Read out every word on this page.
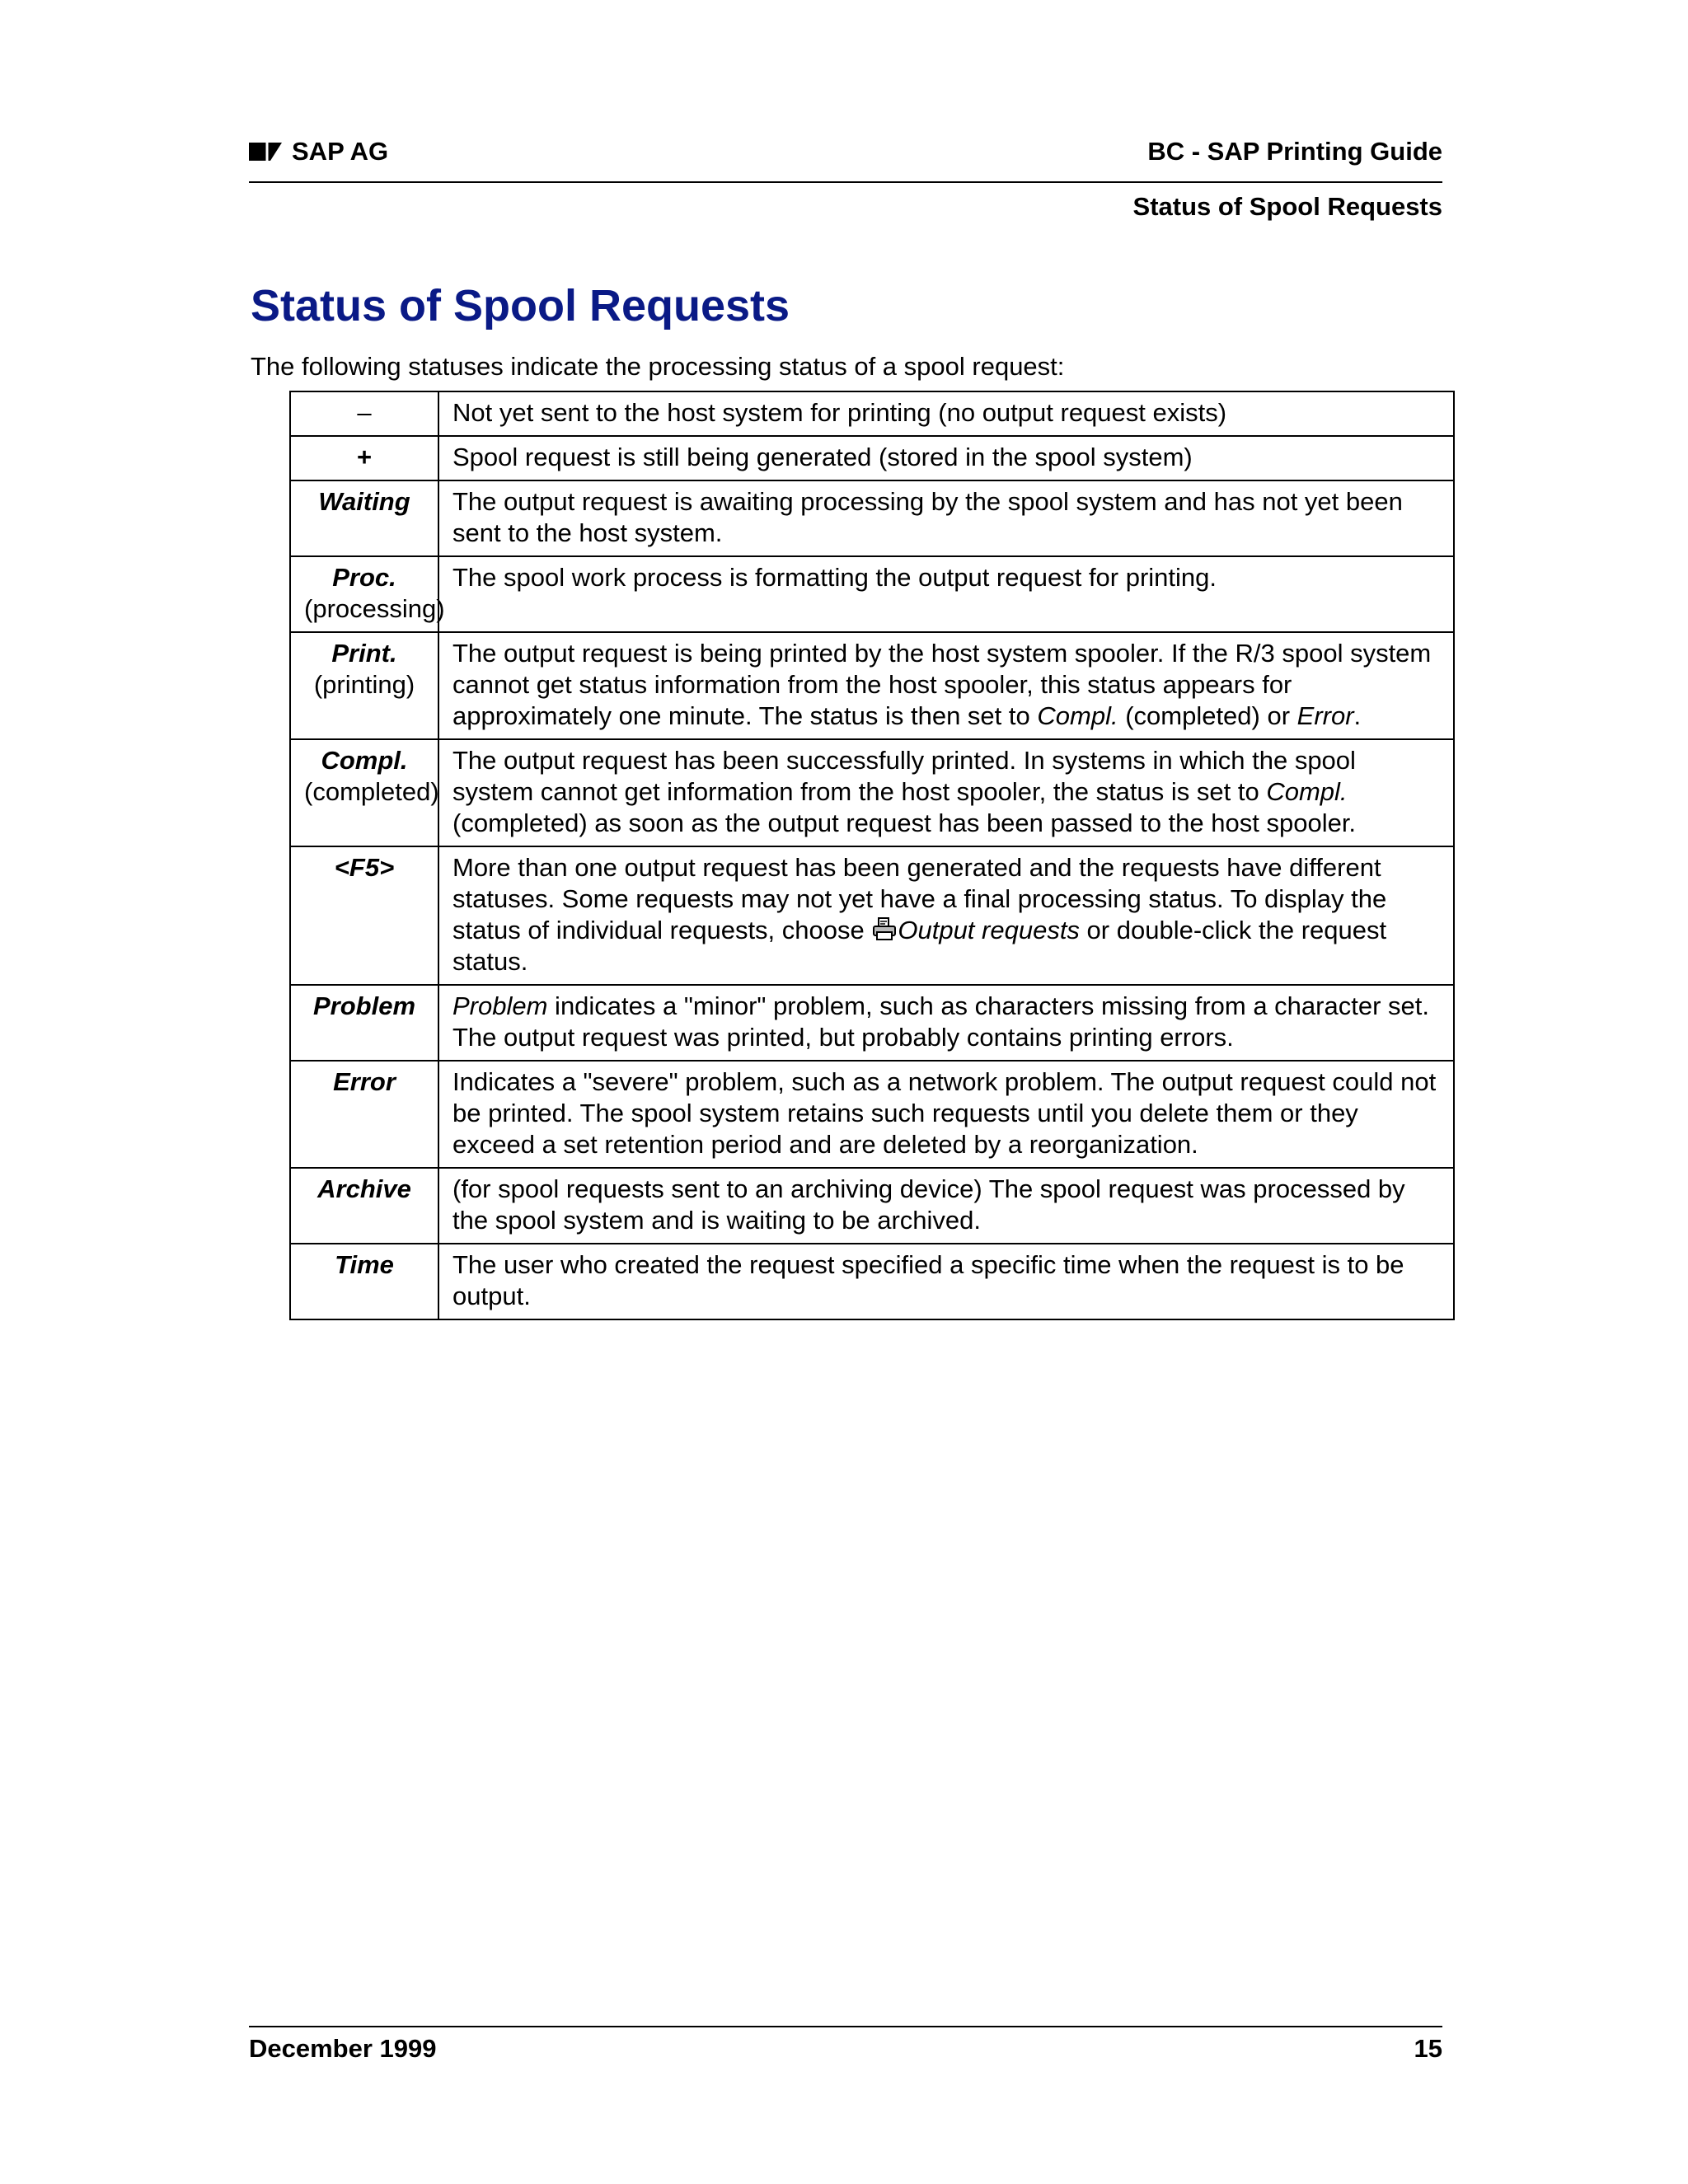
SAP AG	BC - SAP Printing Guide
Status of Spool Requests
Status of Spool Requests
The following statuses indicate the processing status of a spool request:
–	Not yet sent to the host system for printing (no output request exists)
+	Spool request is still being generated (stored in the spool system)
Waiting	The output request is awaiting processing by the spool system and has not yet been sent to the host system.
Proc.
(processing)	The spool work process is formatting the output request for printing.
Print.
(printing)	The output request is being printed by the host system spooler. If the R/3 spool system cannot get status information from the host spooler, this status appears for approximately one minute. The status is then set to Compl. (completed) or Error.
Compl.
(completed)	The output request has been successfully printed. In systems in which the spool system cannot get information from the host spooler, the status is set to Compl. (completed) as soon as the output request has been passed to the host spooler.
<F5>	More than one output request has been generated and the requests have different statuses. Some requests may not yet have a final processing status. To display the status of individual requests, choose Output requests or double-click the request status.
Problem	Problem indicates a "minor" problem, such as characters missing from a character set. The output request was printed, but probably contains printing errors.
Error	Indicates a "severe" problem, such as a network problem. The output request could not be printed. The spool system retains such requests until you delete them or they exceed a set retention period and are deleted by a reorganization.
Archive	(for spool requests sent to an archiving device) The spool request was processed by the spool system and is waiting to be archived.
Time	The user who created the request specified a specific time when the request is to be output.
December 1999	15
